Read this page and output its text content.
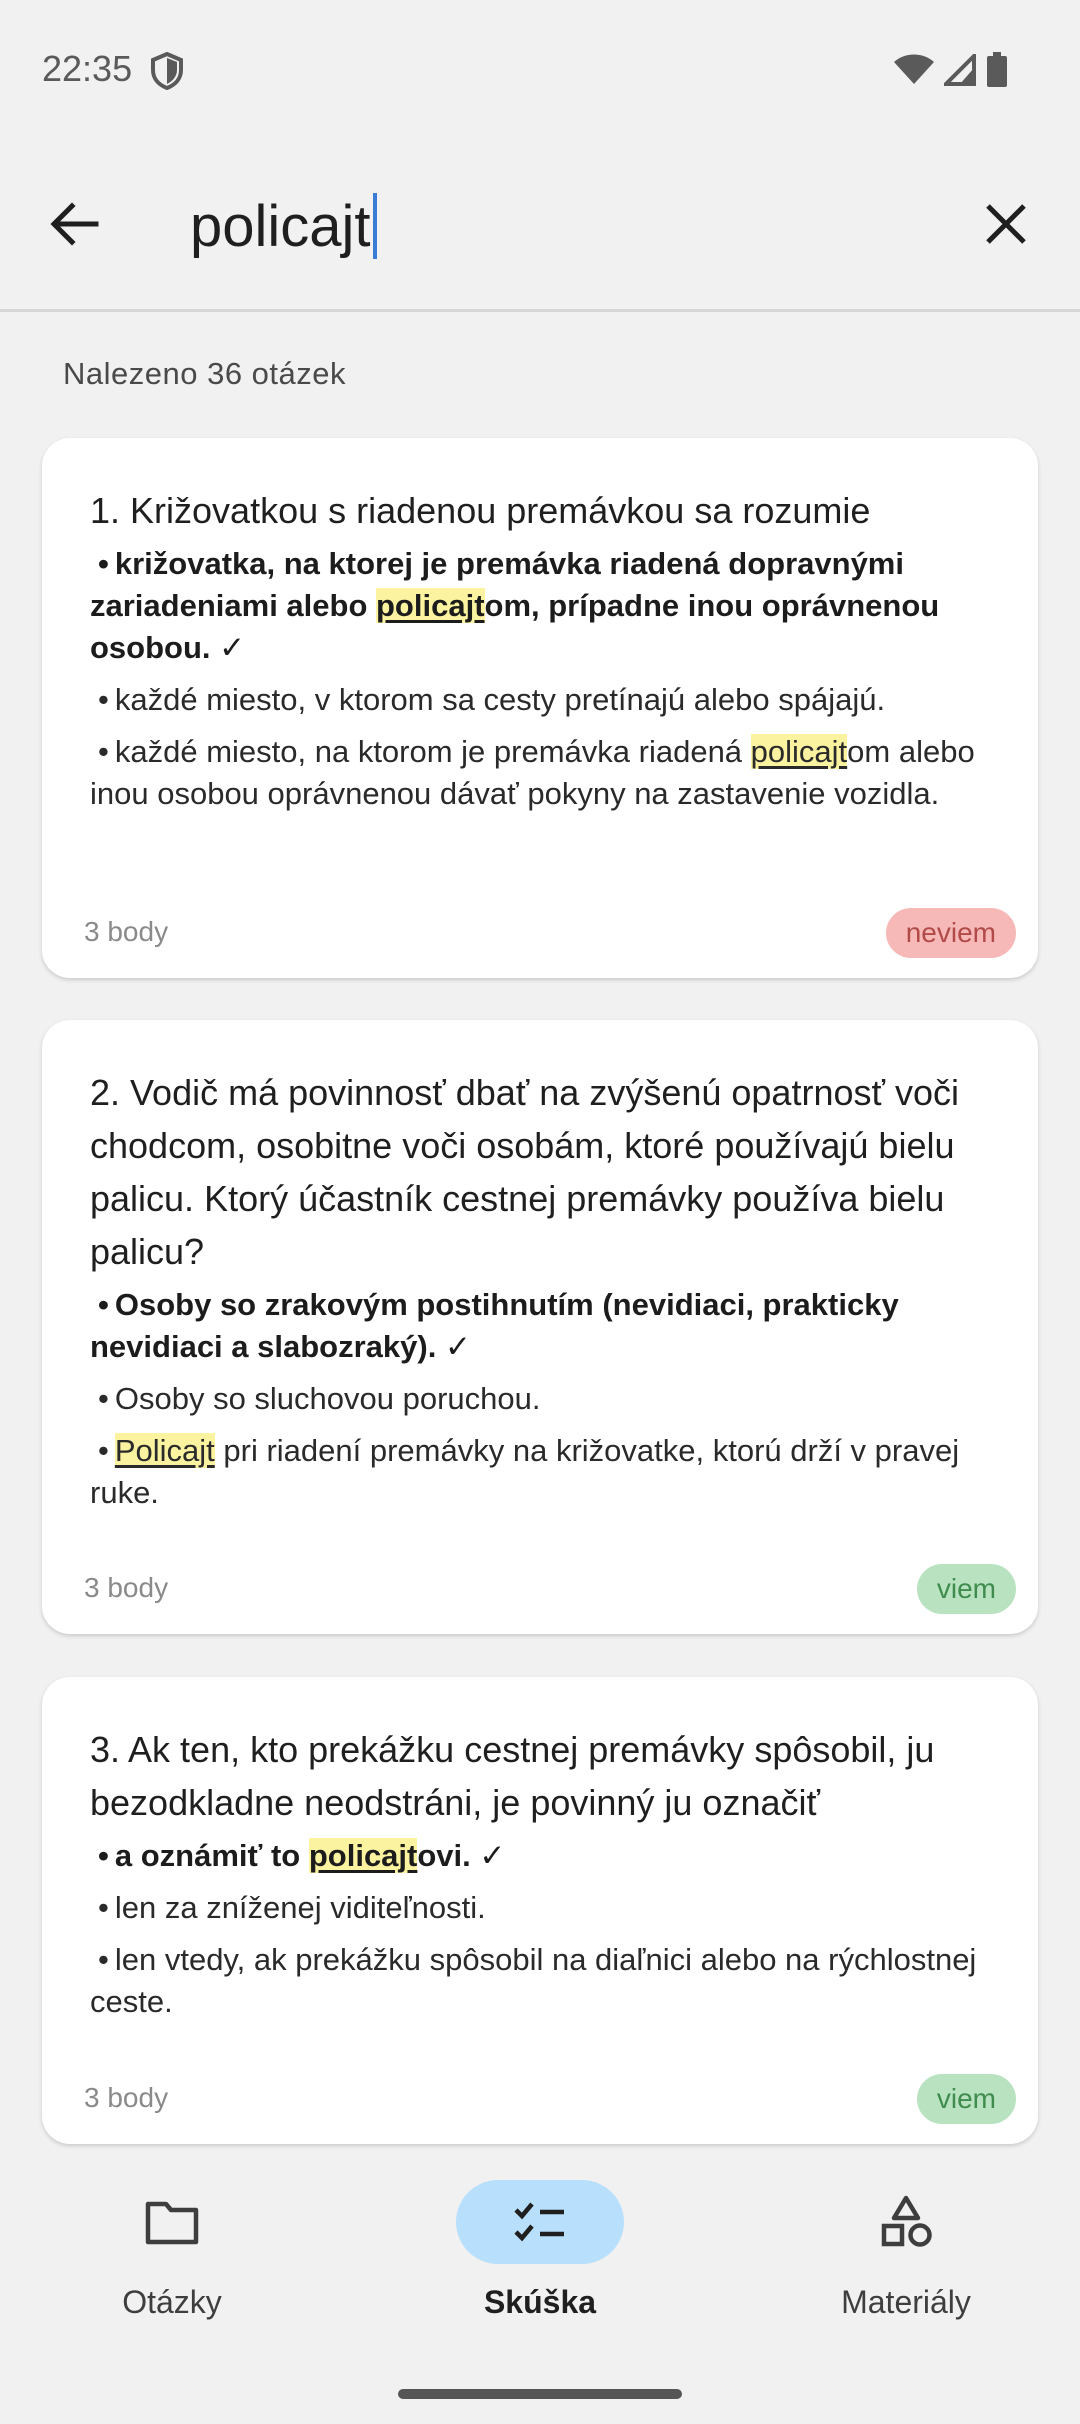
22:35
policajt
Nalezeno 36 otázek
1. Križovatkou s riadenou premávkou sa rozumie
• križovatka, na ktorej je premávka riadená dopravnými zariadeniami alebo policajtom, prípadne inou oprávnenou osobou. ✓
• každé miesto, v ktorom sa cesty pretínajú alebo spájajú.
• každé miesto, na ktorom je premávka riadená policajtom alebo inou osobou oprávnenou dávať pokyny na zastavenie vozidla.
3 body	neviem
2. Vodič má povinnosť dbať na zvýšenú opatrnosť voči chodcom, osobitne voči osobám, ktoré používajú bielu palicu. Ktorý účastník cestnej premávky používa bielu palicu?
• Osoby so zrakovým postihnutím (nevidiaci, prakticky nevidiaci a slabozraký). ✓
• Osoby so sluchovou poruchou.
• Policajt pri riadení premávky na križovatke, ktorú drží v pravej ruke.
3 body	viem
3. Ak ten, kto prekážku cestnej premávky spôsobil, ju bezodkladne neodstráni, je povinný ju označiť
• a oznámiť to policajtovi. ✓
• len za zníženej viditeľnosti.
• len vtedy, ak prekážku spôsobil na diaľnici alebo na rýchlostnej ceste.
3 body	viem
Otázky	Skúška	Materiály
